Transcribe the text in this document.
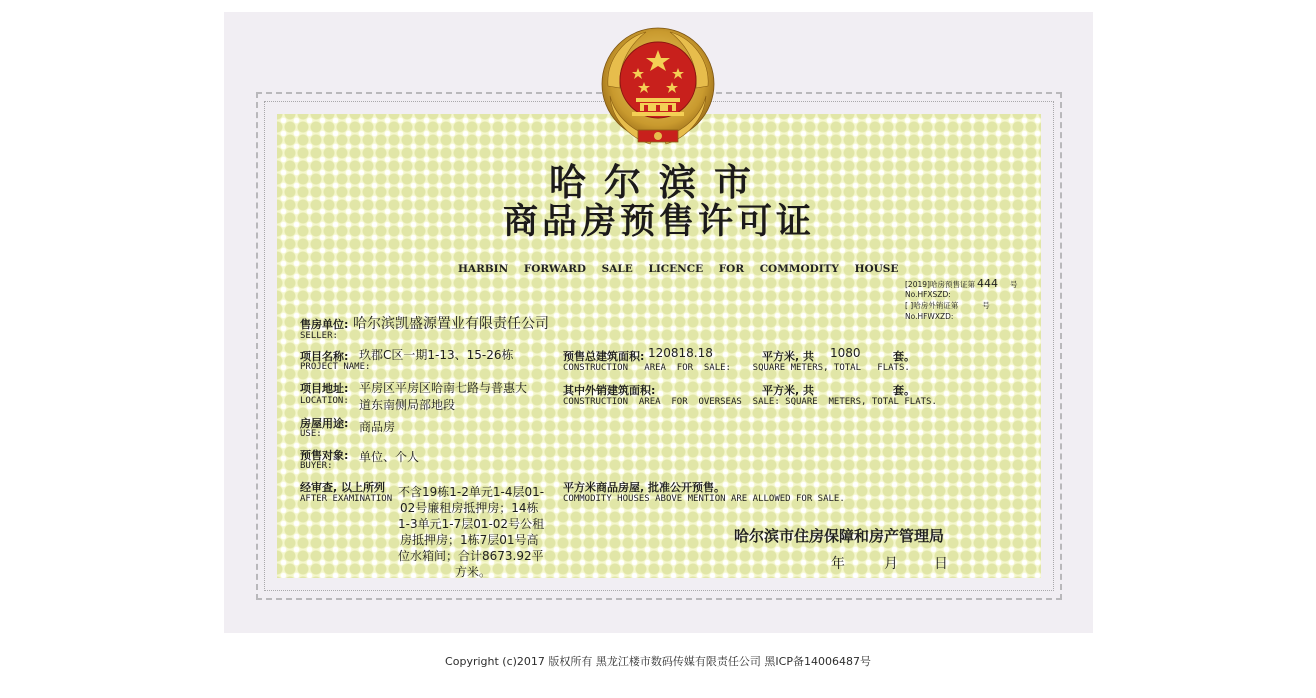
哈尔滨市
商品房预售许可证
HARBIN FORWARD SALE LICENCE FOR COMMODITY HOUSE
[2019]哈房预售证第 444 号
No.HFXSZD:
[ ]哈房外销证第	号
No.HFWXZD:
售房单位: 哈尔滨凯盛源置业有限责任公司
SELLER:
项目名称: 玖郡C区一期1-13、15-26栋
PROJECT NAME:
项目地址: 平房区平房区哈南七路与普惠大
LOCATION: 道东南侧局部地段
房屋用途: 商品房
USE:
预售对象: 单位、个人
BUYER:
经审查, 以上所列
AFTER EXAMINATION 不含19栋1-2单元1-4层01-
02号廉租房抵押房；14栋
1-3单元1-7层01-02号公租
房抵押房；1栋7层01号高
位水箱间；合计8673.92平
方米。
预售总建筑面积: 120818.18	平方米, 共 1080	套。
CONSTRUCTION   AREA  FOR  SALE:    SQUARE METERS, TOTAL   FLATS.
其中外销建筑面积:	平方米, 共	套。
CONSTRUCTION  AREA  FOR  OVERSEAS  SALE: SQUARE  METERS, TOTAL FLATS.
平方米商品房屋, 批准公开预售。
COMMODITY HOUSES ABOVE MENTION ARE ALLOWED FOR SALE.
哈尔滨市住房保障和房产管理局
年	月	日
Copyright (c)2017 版权所有 黑龙江楼市数码传媒有限责任公司 黑ICP备14006487号
